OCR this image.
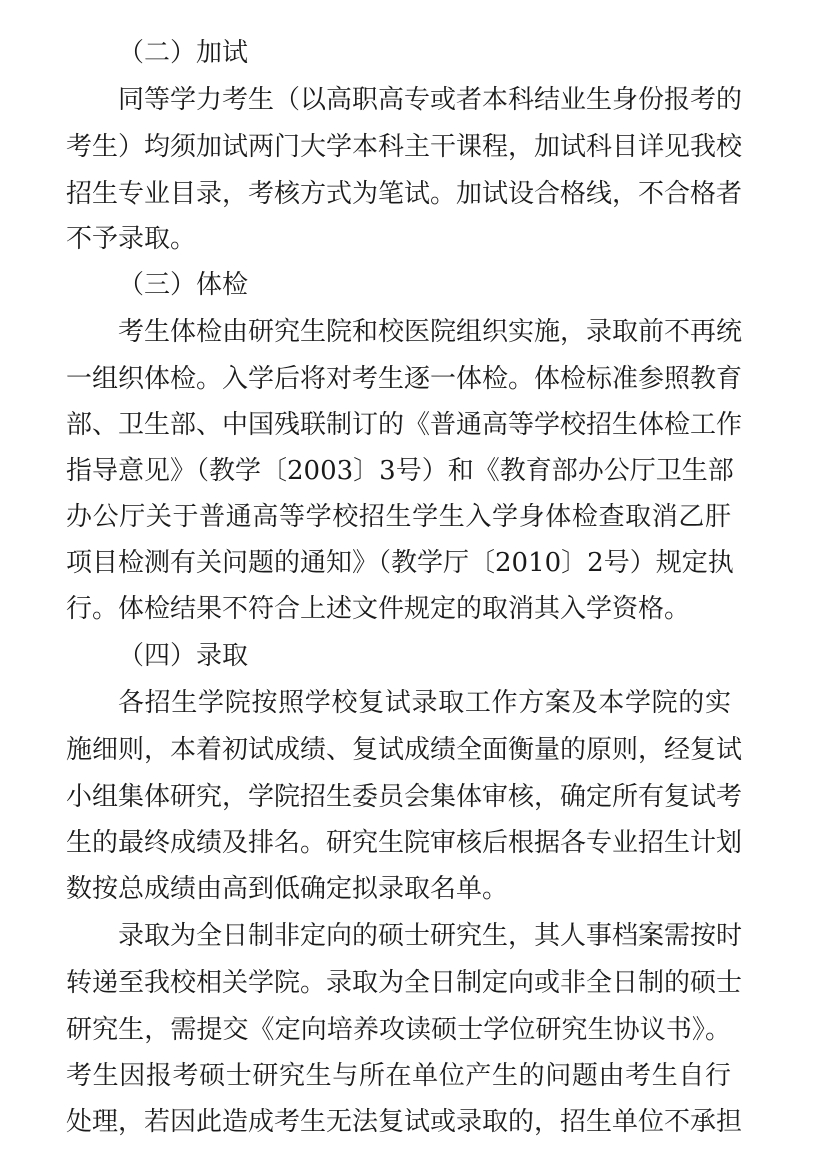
（二）加试
同等学力考生（以高职高专或者本科结业生身份报考的
考生）均须加试两门大学本科主干课程，加试科目详见我校
招生专业目录，考核方式为笔试。加试设合格线，不合格者
不予录取。
（三）体检
考生体检由研究生院和校医院组织实施，录取前不再统
一组织体检。入学后将对考生逐一体检。体检标准参照教育
部、卫生部、中国残联制订的《普通高等学校招生体检工作
指导意见》（教学〔2003〕3号）和《教育部办公厅卫生部
办公厅关于普通高等学校招生学生入学身体检查取消乙肝
项目检测有关问题的通知》（教学厅〔2010〕2号）规定执
行。体检结果不符合上述文件规定的取消其入学资格。
（四）录取
各招生学院按照学校复试录取工作方案及本学院的实
施细则，本着初试成绩、复试成绩全面衡量的原则，经复试
小组集体研究，学院招生委员会集体审核，确定所有复试考
生的最终成绩及排名。研究生院审核后根据各专业招生计划
数按总成绩由高到低确定拟录取名单。
录取为全日制非定向的硕士研究生，其人事档案需按时
转递至我校相关学院。录取为全日制定向或非全日制的硕士
研究生，需提交《定向培养攻读硕士学位研究生协议书》。
考生因报考硕士研究生与所在单位产生的问题由考生自行
处理，若因此造成考生无法复试或录取的，招生单位不承担
